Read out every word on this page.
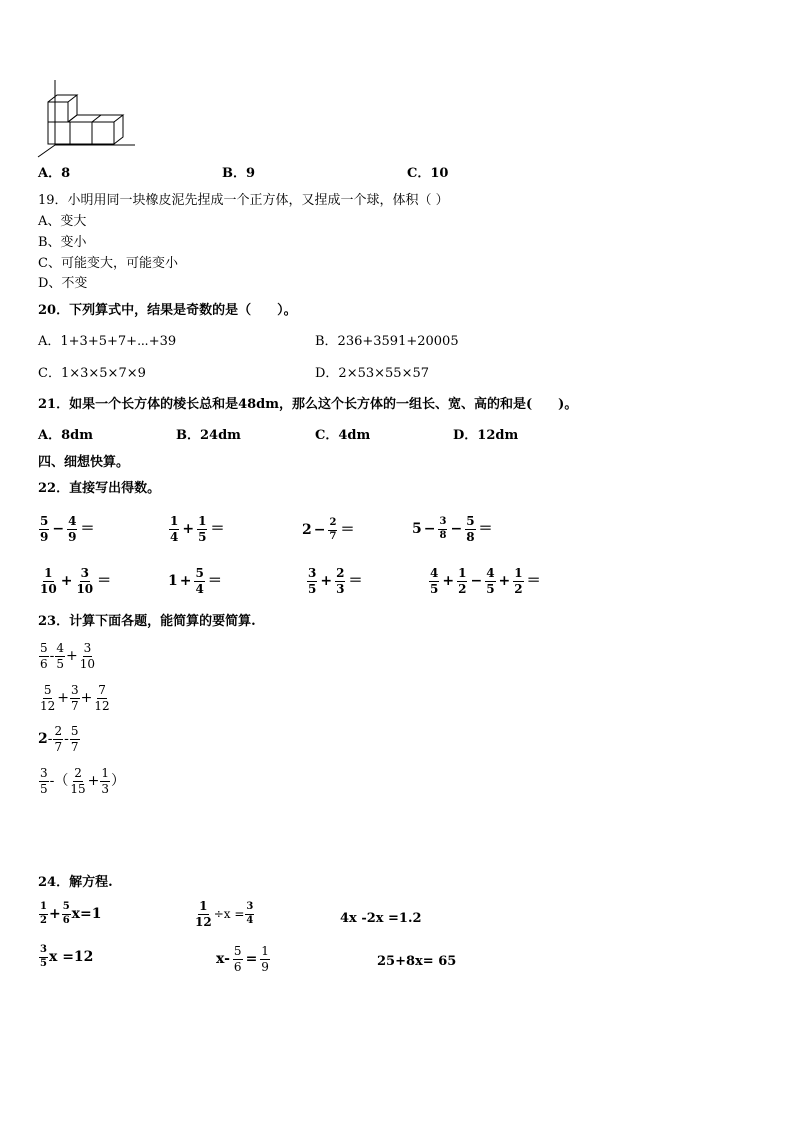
A．8	B．9	C．10
19．小明用同一块橡皮泥先捏成一个正方体，又捏成一个球，体积（ ）
A、变大
B、变小
C、可能变大，可能变小
D、不变
20．下列算式中，结果是奇数的是（　　）。
A．1+3+5+7+⋯+39	B．236+3591+20005
C．1×3×5×7×9	D．2×53×55×57
21．如果一个长方体的棱长总和是48dm，那么这个长方体的一组长、宽、高的和是(　　)。
A．8dm	B．24dm	C．4dm	D．12dm
四、细想快算。
22．直接写出得数。
$\frac{5}{9} - \frac{4}{9}$ ＝	$\frac{1}{4} + \frac{1}{5}$ ＝	$2 - \frac{2}{7}$ ＝	$5 - \frac{3}{8} - \frac{5}{8}$ ＝
$\frac{1}{10} + \frac{3}{10}$ ＝	$1 + \frac{5}{4}$ ＝	$\frac{3}{5} + \frac{2}{3}$ ＝	$\frac{4}{5} + \frac{1}{2} - \frac{4}{5} + \frac{1}{2}$ ＝
23．计算下面各题，能简算的要简算.
$\frac{5}{6} - \frac{4}{5} + \frac{3}{10}$
$\frac{5}{12} + \frac{3}{7} + \frac{7}{12}$
$2 - \frac{2}{7} - \frac{5}{7}$
$\frac{3}{5}$ -（ $\frac{2}{15} + \frac{1}{3}$ ）
24．解方程.
$\frac{1}{2} + \frac{5}{6} x=1$	$\frac{1}{12} \div x = \frac{3}{4}$	4x -2x =1.2
$\frac{3}{5}$ x =12	$x- \frac{5}{6} = \frac{1}{9}$	25+8x= 65
